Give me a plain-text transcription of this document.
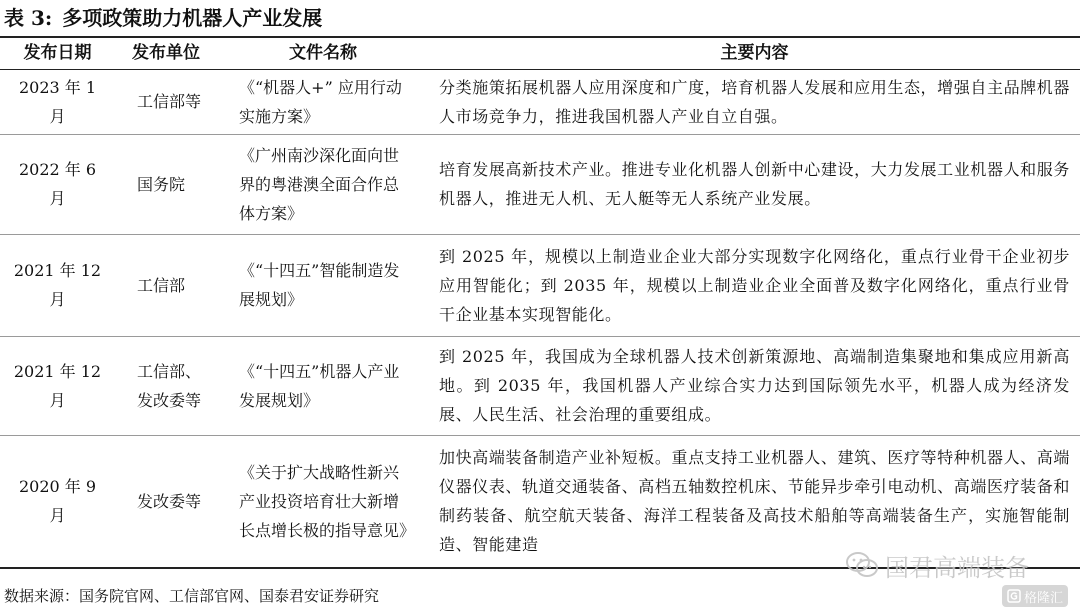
表 3: 多项政策助力机器人产业发展
发布日期	发布单位	文件名称	主要内容
2023 年 1 月	工信部等	《“机器人+” 应用行动实施方案》	分类施策拓展机器人应用深度和广度，培育机器人发展和应用生态，增强自主品牌机器人市场竞争力，推进我国机器人产业自立自强。
2022 年 6 月	国务院	《广州南沙深化面向世界的粤港澳全面合作总体方案》	培育发展高新技术产业。推进专业化机器人创新中心建设，大力发展工业机器人和服务机器人，推进无人机、无人艇等无人系统产业发展。
2021 年 12 月	工信部	《“十四五”智能制造发展规划》	到 2025 年，规模以上制造业企业大部分实现数字化网络化，重点行业骨干企业初步应用智能化；到 2035 年，规模以上制造业企业全面普及数字化网络化，重点行业骨干企业基本实现智能化。
2021 年 12 月	工信部、发改委等	《“十四五”机器人产业发展规划》	到 2025 年，我国成为全球机器人技术创新策源地、高端制造集聚地和集成应用新高地。到 2035 年，我国机器人产业综合实力达到国际领先水平，机器人成为经济发展、人民生活、社会治理的重要组成。
2020 年 9 月	发改委等	《关于扩大战略性新兴产业投资培育壮大新增长点增长极的指导意见》	加快高端装备制造产业补短板。重点支持工业机器人、建筑、医疗等特种机器人、高端仪器仪表、轨道交通装备、高档五轴数控机床、节能异步牵引电动机、高端医疗装备和制药装备、航空航天装备、海洋工程装备及高技术船舶等高端装备生产，实施智能制造、智能建造
数据来源：国务院官网、工信部官网、国泰君安证券研究
国君高端装备
格隆汇
